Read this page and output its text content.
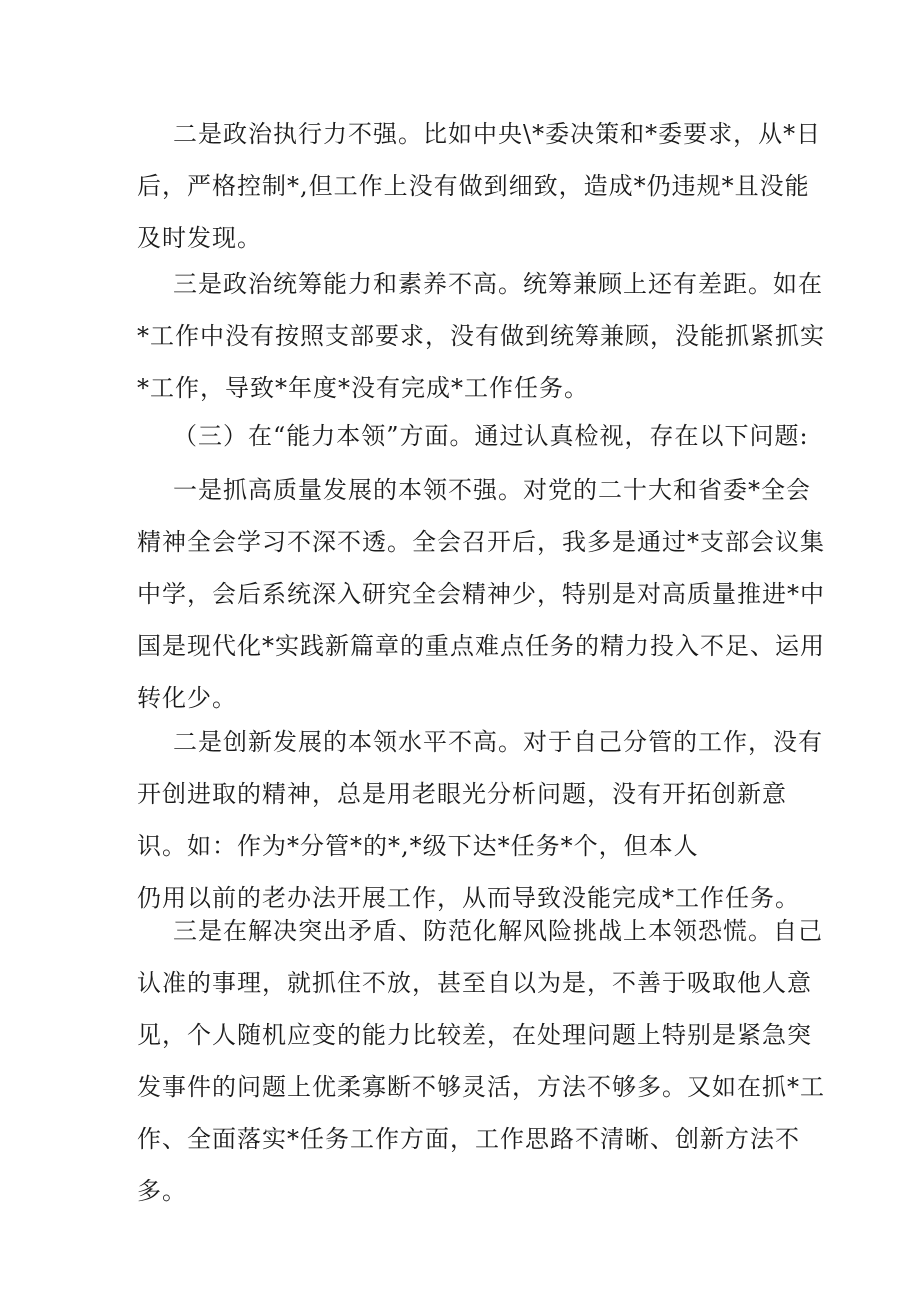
二是政治执行力不强。比如中央\*委决策和*委要求，从*日
后，严格控制*,但工作上没有做到细致，造成*仍违规*且没能
及时发现。
三是政治统筹能力和素养不高。统筹兼顾上还有差距。如在
*工作中没有按照支部要求，没有做到统筹兼顾，没能抓紧抓实
*工作，导致*年度*没有完成*工作任务。
（三）在“能力本领”方面。通过认真检视，存在以下问题:
一是抓高质量发展的本领不强。对党的二十大和省委*全会
精神全会学习不深不透。全会召开后，我多是通过*支部会议集
中学，会后系统深入研究全会精神少，特别是对高质量推进*中
国是现代化*实践新篇章的重点难点任务的精力投入不足、运用
转化少。
二是创新发展的本领水平不高。对于自己分管的工作，没有
开创进取的精神，总是用老眼光分析问题，没有开拓创新意
识。如：作为*分管*的*,*级下达*任务*个，但本人
仍用以前的老办法开展工作，从而导致没能完成*工作任务。
三是在解决突出矛盾、防范化解风险挑战上本领恐慌。自己
认准的事理，就抓住不放，甚至自以为是，不善于吸取他人意
见，个人随机应变的能力比较差，在处理问题上特别是紧急突
发事件的问题上优柔寡断不够灵活，方法不够多。又如在抓*工
作、全面落实*任务工作方面，工作思路不清晰、创新方法不
多。
